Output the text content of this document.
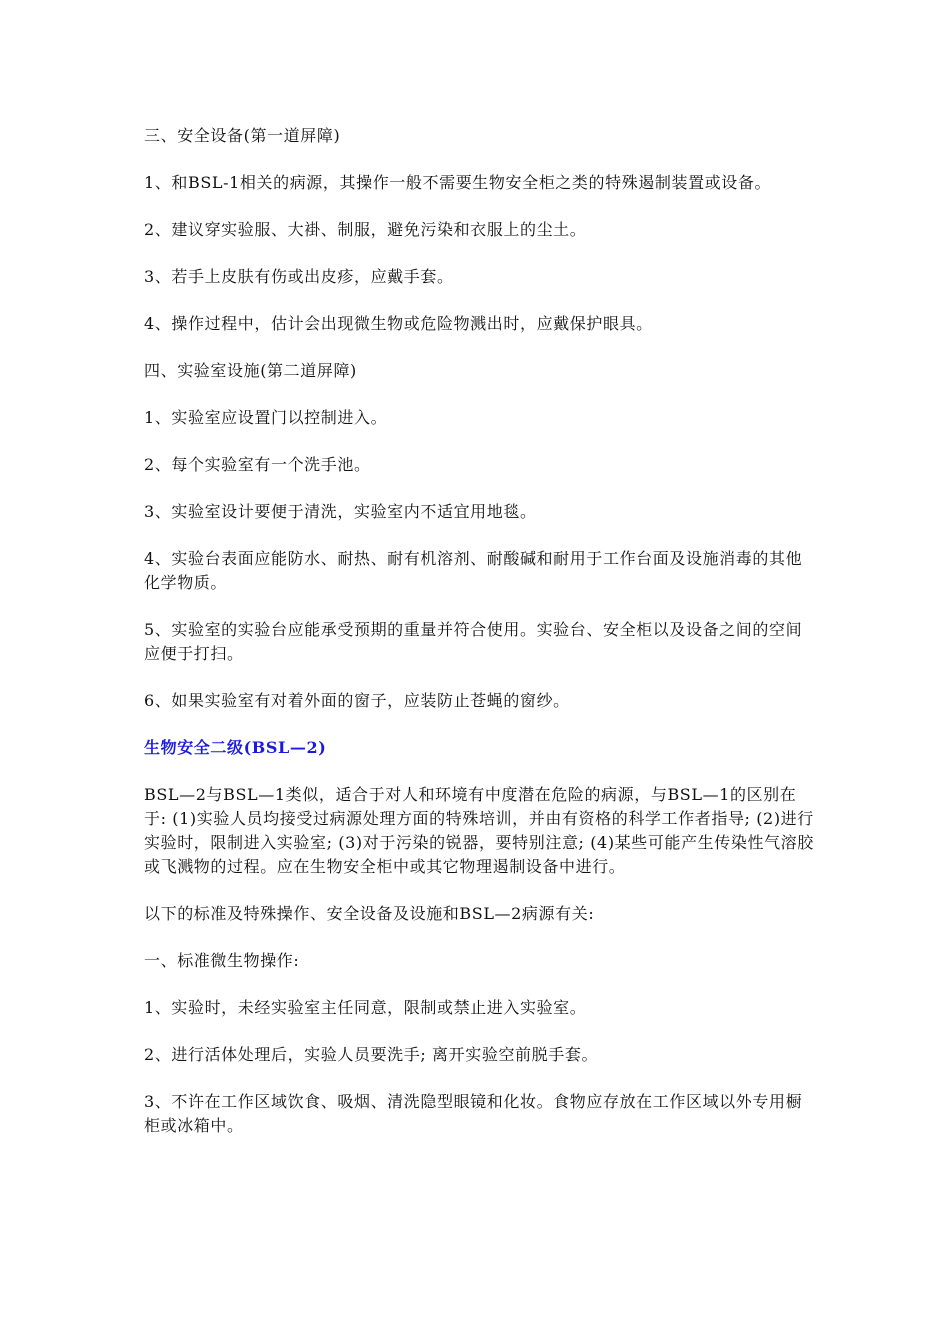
三、安全设备(第一道屏障)

1、和BSL-1相关的病源，其操作一般不需要生物安全柜之类的特殊遏制装置或设备。

2、建议穿实验服、大褂、制服，避免污染和衣服上的尘土。

3、若手上皮肤有伤或出皮疹，应戴手套。

4、操作过程中，估计会出现微生物或危险物溅出时，应戴保护眼具。

四、实验室设施(第二道屏障)

1、实验室应设置门以控制进入。

2、每个实验室有一个洗手池。

3、实验室设计要便于清洗，实验室内不适宜用地毯。

4、实验台表面应能防水、耐热、耐有机溶剂、耐酸碱和耐用于工作台面及设施消毒的其他化学物质。

5、实验室的实验台应能承受预期的重量并符合使用。实验台、安全柜以及设备之间的空间应便于打扫。

6、如果实验室有对着外面的窗子，应装防止苍蝇的窗纱。

生物安全二级(BSL—2)

BSL—2与BSL—1类似，适合于对人和环境有中度潜在危险的病源，与BSL—1的区别在于: (1)实验人员均接受过病源处理方面的特殊培训，并由有资格的科学工作者指导; (2)进行实验时，限制进入实验室; (3)对于污染的锐器，要特别注意; (4)某些可能产生传染性气溶胶或飞溅物的过程。应在生物安全柜中或其它物理遏制设备中进行。

以下的标准及特殊操作、安全设备及设施和BSL—2病源有关:

一、标准微生物操作:

1、实验时，未经实验室主任同意，限制或禁止进入实验室。

2、进行活体处理后，实验人员要洗手; 离开实验空前脱手套。

3、不许在工作区域饮食、吸烟、清洗隐型眼镜和化妆。食物应存放在工作区域以外专用橱柜或冰箱中。
